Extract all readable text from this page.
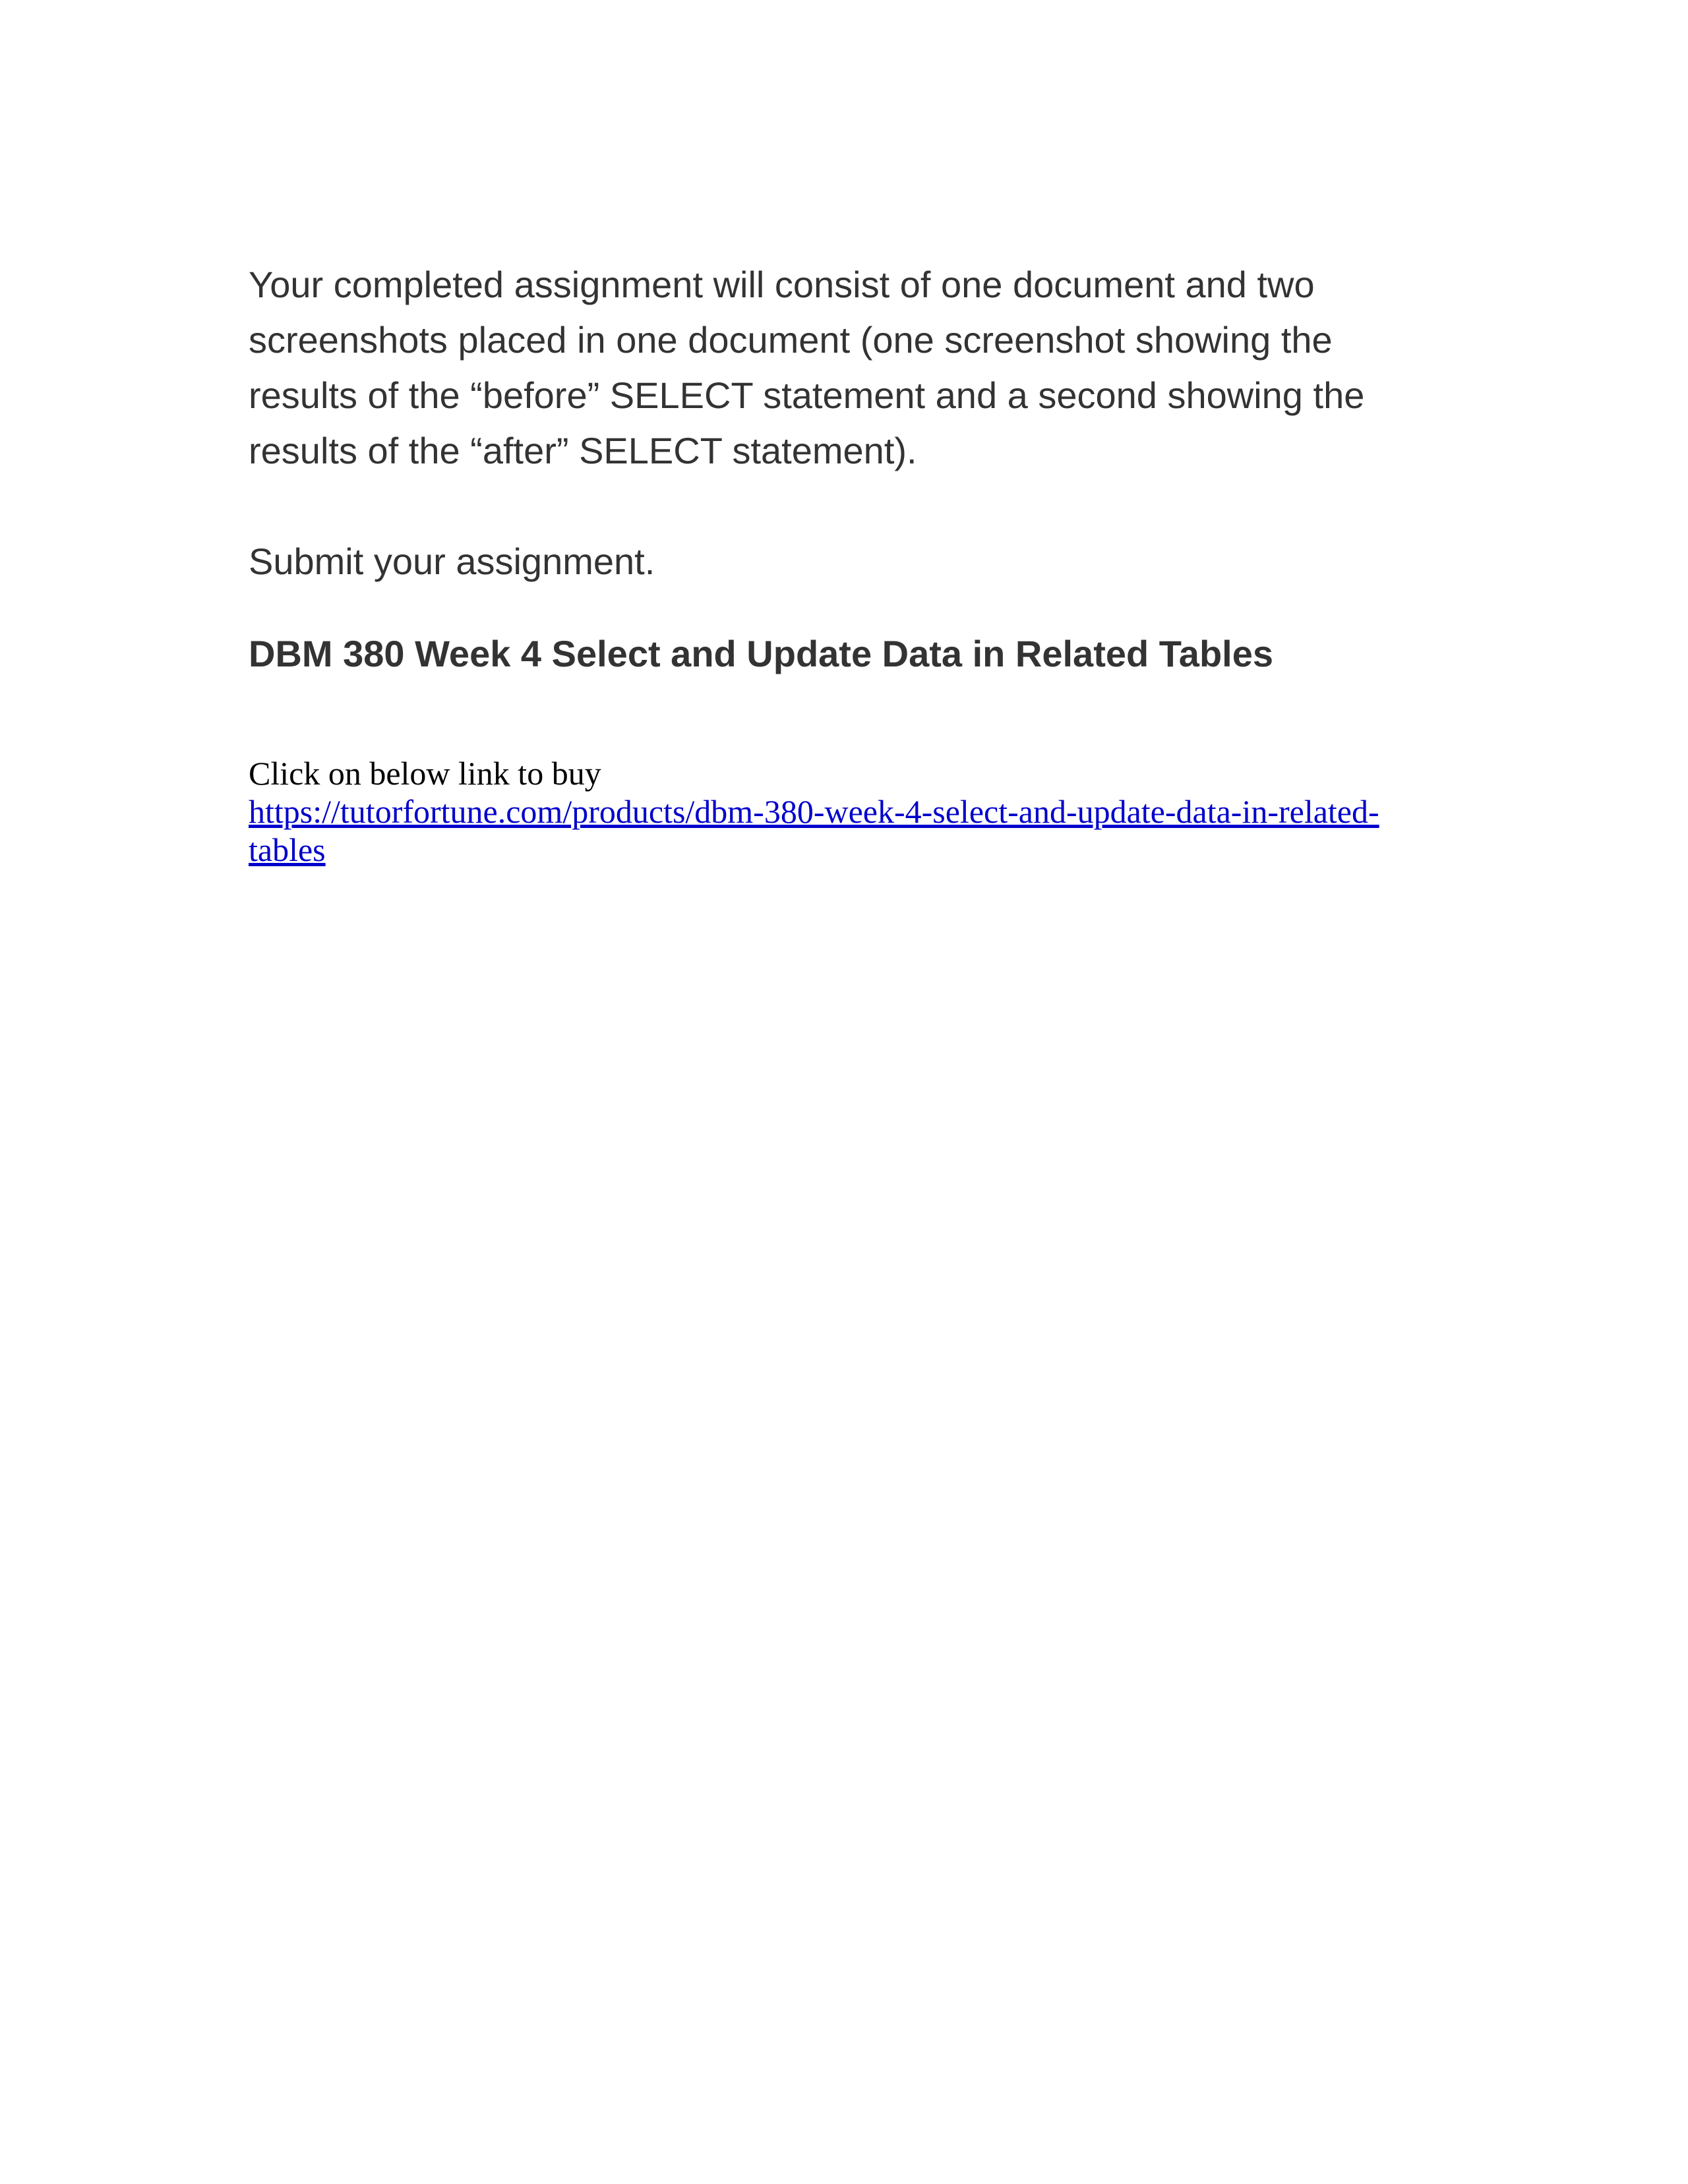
Your completed assignment will consist of one document and two
screenshots placed in one document (one screenshot showing the
results of the “before” SELECT statement and a second showing the
results of the “after” SELECT statement).

Submit your assignment.

DBM 380 Week 4 Select and Update Data in Related Tables
Click on below link to buy
https://tutorfortune.com/products/dbm-380-week-4-select-and-update-data-in-related-
tables
